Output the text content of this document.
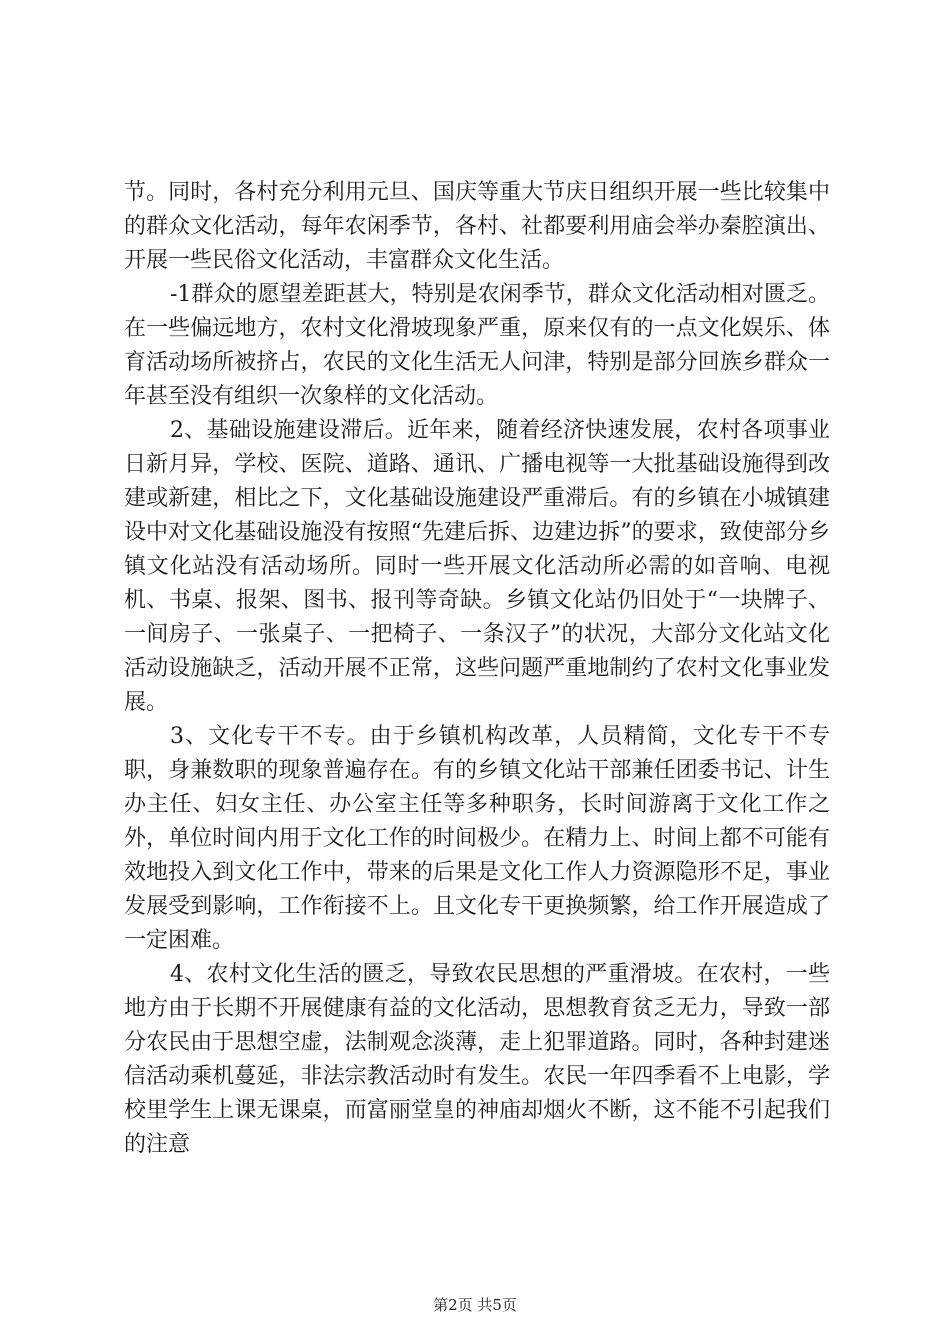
节。同时，各村充分利用元旦、国庆等重大节庆日组织开展一些比较集中的群众文化活动，每年农闲季节，各村、社都要利用庙会举办秦腔演出、开展一些民俗文化活动，丰富群众文化生活。

-1群众的愿望差距甚大，特别是农闲季节，群众文化活动相对匮乏。在一些偏远地方，农村文化滑坡现象严重，原来仅有的一点文化娱乐、体育活动场所被挤占，农民的文化生活无人问津，特别是部分回族乡群众一年甚至没有组织一次象样的文化活动。

2、基础设施建设滞后。近年来，随着经济快速发展，农村各项事业日新月异，学校、医院、道路、通讯、广播电视等一大批基础设施得到改建或新建，相比之下，文化基础设施建设严重滞后。有的乡镇在小城镇建设中对文化基础设施没有按照“先建后拆、边建边拆”的要求，致使部分乡镇文化站没有活动场所。同时一些开展文化活动所必需的如音响、电视机、书桌、报架、图书、报刊等奇缺。乡镇文化站仍旧处于“一块牌子、一间房子、一张桌子、一把椅子、一条汉子”的状况，大部分文化站文化活动设施缺乏，活动开展不正常，这些问题严重地制约了农村文化事业发展。

3、文化专干不专。由于乡镇机构改革，人员精简，文化专干不专职，身兼数职的现象普遍存在。有的乡镇文化站干部兼任团委书记、计生办主任、妇女主任、办公室主任等多种职务，长时间游离于文化工作之外，单位时间内用于文化工作的时间极少。在精力上、时间上都不可能有效地投入到文化工作中，带来的后果是文化工作人力资源隐形不足，事业发展受到影响，工作衔接不上。且文化专干更换频繁，给工作开展造成了一定困难。

4、农村文化生活的匮乏，导致农民思想的严重滑坡。在农村，一些地方由于长期不开展健康有益的文化活动，思想教育贫乏无力，导致一部分农民由于思想空虚，法制观念淡薄，走上犯罪道路。同时，各种封建迷信活动乘机蔓延，非法宗教活动时有发生。农民一年四季看不上电影，学校里学生上课无课桌，而富丽堂皇的神庙却烟火不断，这不能不引起我们的注意

第2页 共5页
